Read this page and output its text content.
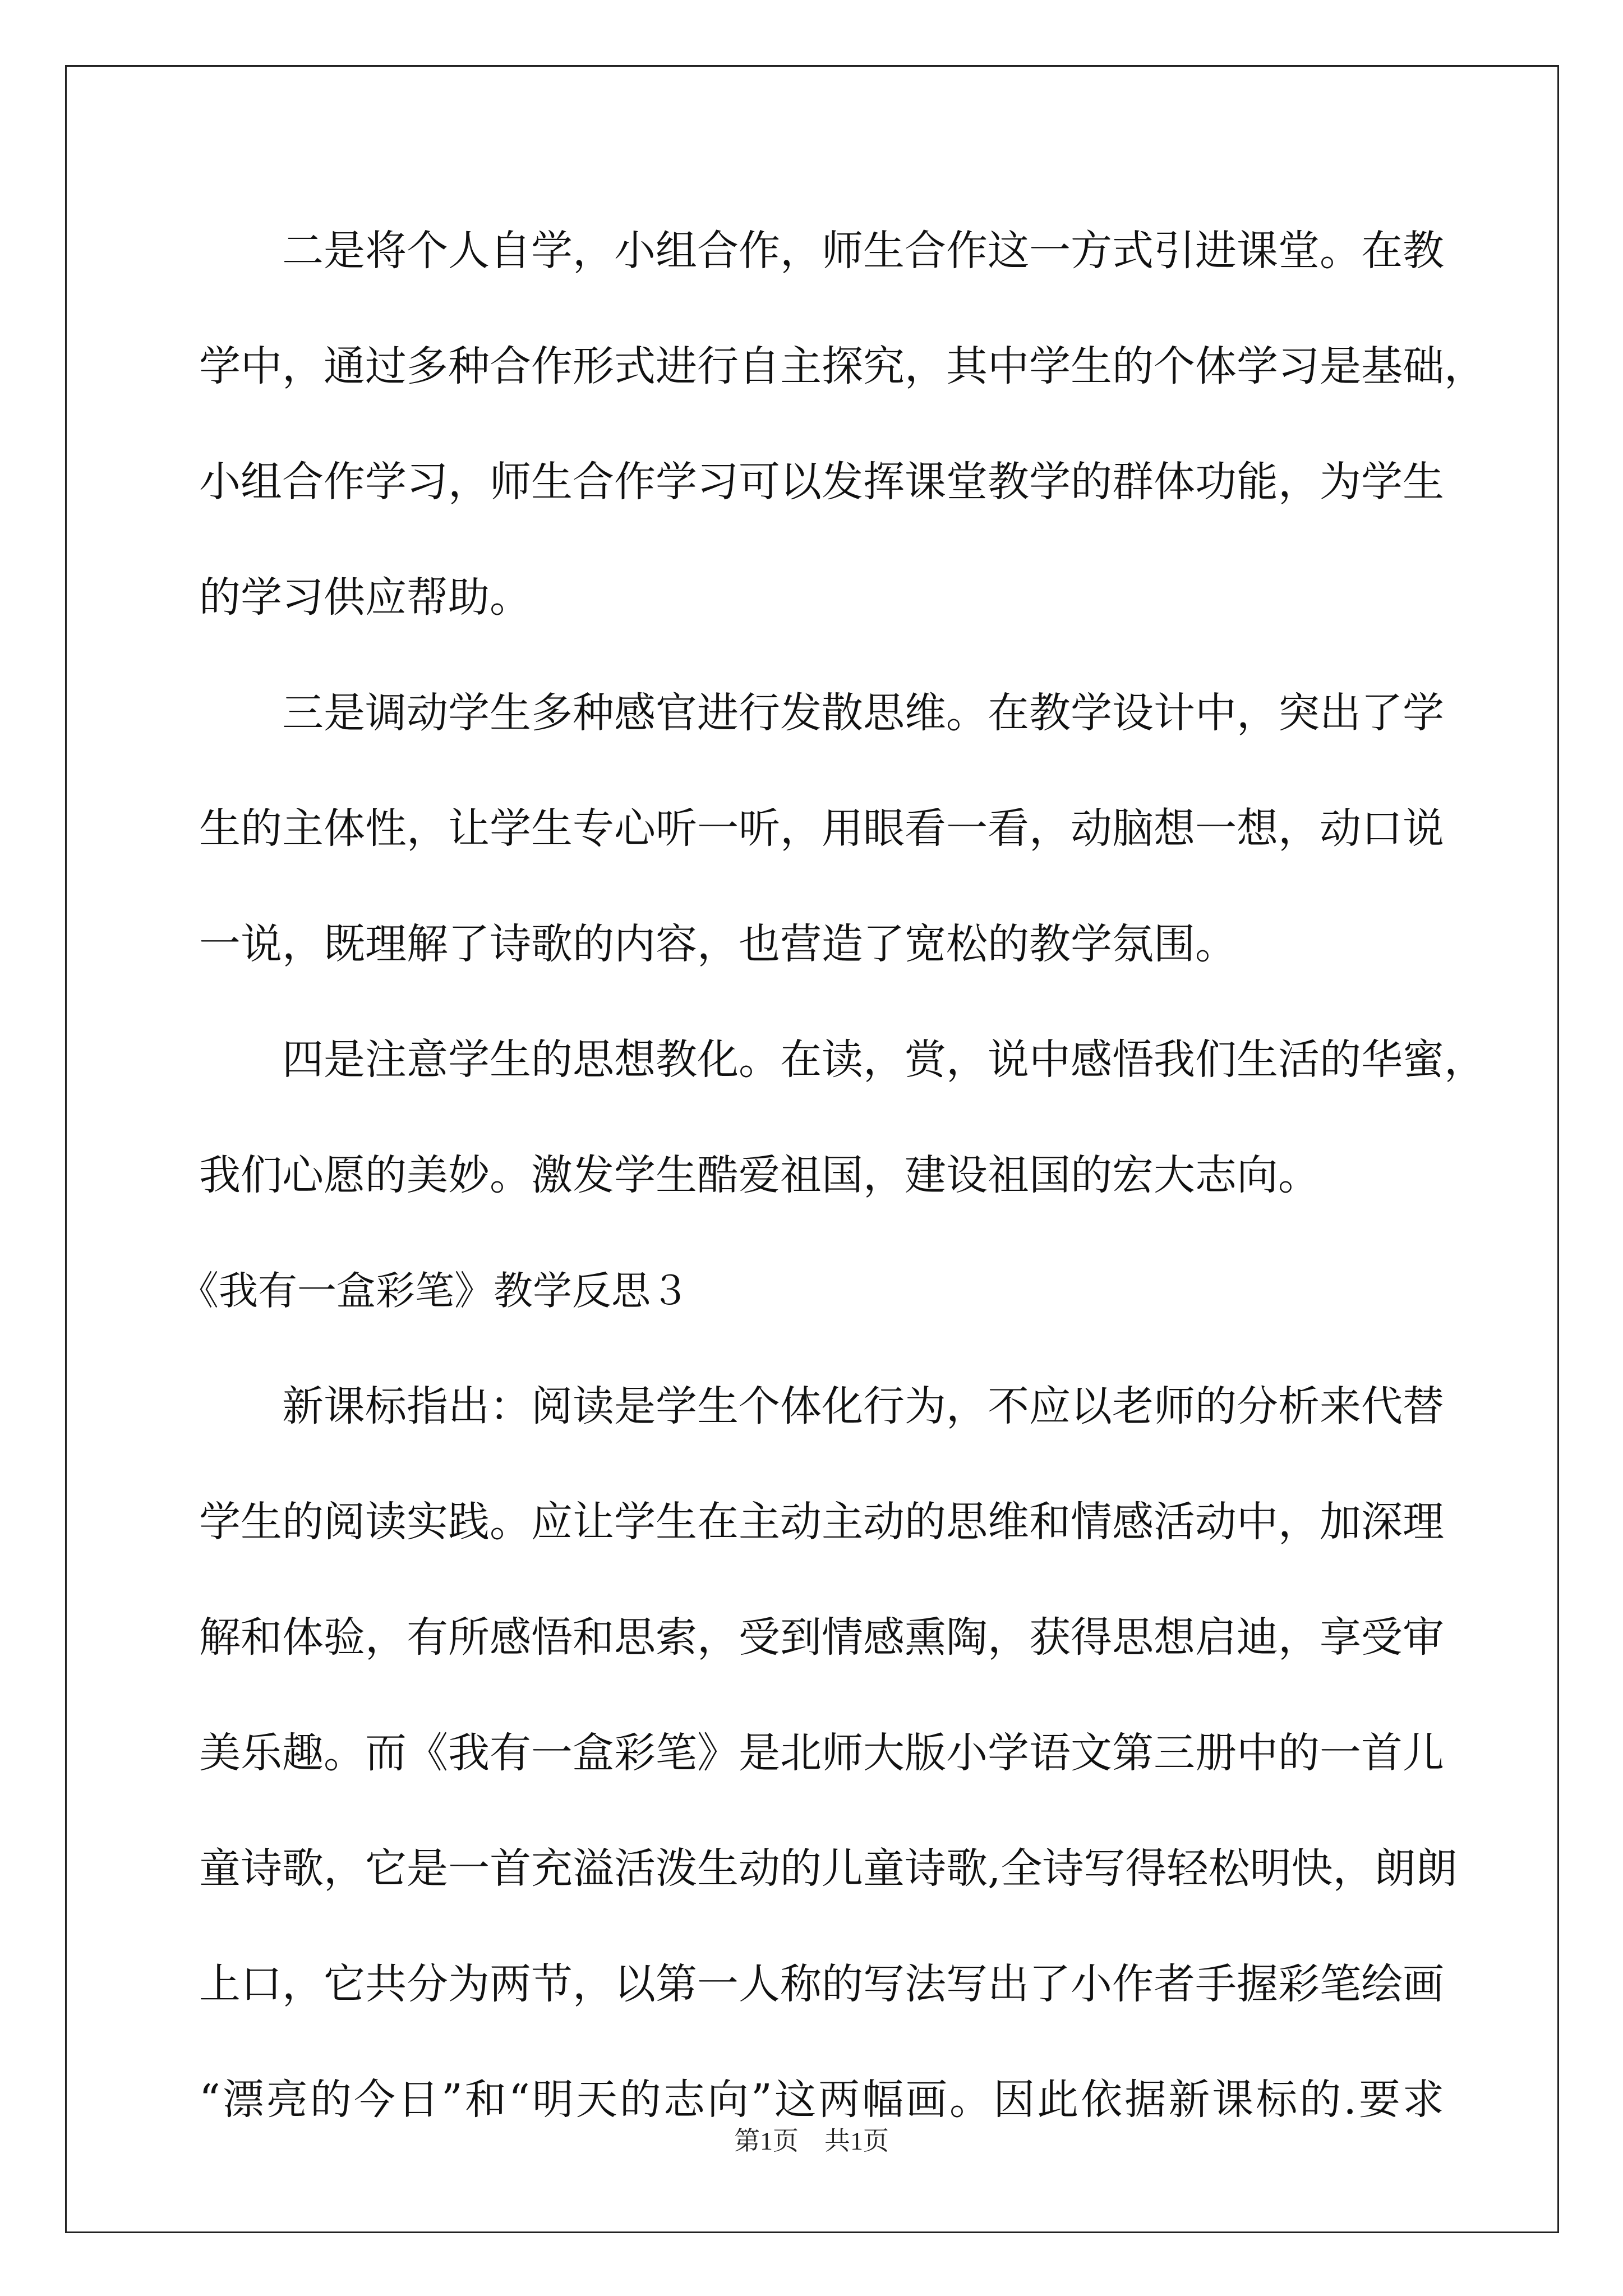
二是将个人自学，小组合作，师生合作这一方式引进课堂。在教
学中，通过多种合作形式进行自主探究，其中学生的个体学习是基础，
小组合作学习，师生合作学习可以发挥课堂教学的群体功能，为学生
的学习供应帮助。
三是调动学生多种感官进行发散思维。在教学设计中，突出了学
生的主体性，让学生专心听一听，用眼看一看，动脑想一想，动口说
一说，既理解了诗歌的内容，也营造了宽松的教学氛围。
四是注意学生的思想教化。在读，赏，说中感悟我们生活的华蜜，
我们心愿的美妙。激发学生酷爱祖国，建设祖国的宏大志向。
《我有一盒彩笔》教学反思３
新课标指出：阅读是学生个体化行为，不应以老师的分析来代替
学生的阅读实践。应让学生在主动主动的思维和情感活动中，加深理
解和体验，有所感悟和思索，受到情感熏陶，获得思想启迪，享受审
美乐趣。而《我有一盒彩笔》是北师大版小学语文第三册中的一首儿
童诗歌，它是一首充溢活泼生动的儿童诗歌,全诗写得轻松明快，朗朗
上口，它共分为两节，以第一人称的写法写出了小作者手握彩笔绘画
“漂亮的今日”和“明天的志向”这两幅画。因此依据新课标的.要求
第1页　共1页
